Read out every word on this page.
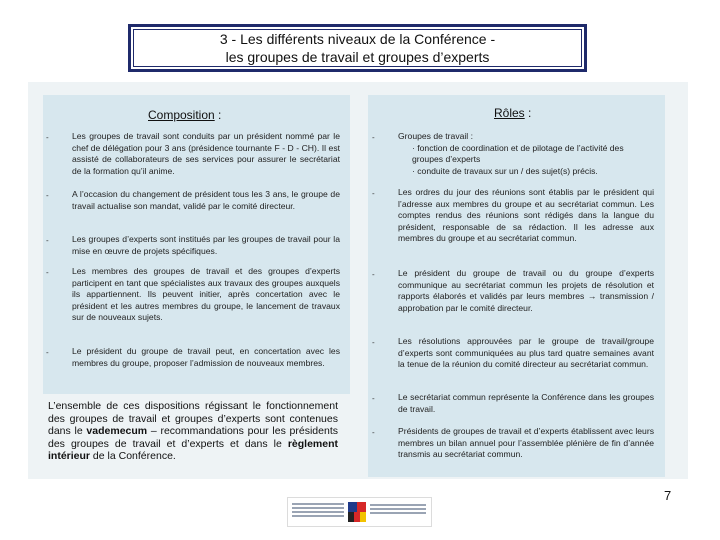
3 - Les différents niveaux de la Conférence -
les groupes de travail et groupes d’experts
Composition :
-	Les groupes de travail sont conduits par un président nommé par le chef de délégation pour 3 ans (présidence tournante F - D - CH). Il est assisté de collaborateurs de ses services pour assurer le secrétariat de la formation qu’il anime.
-	A l’occasion du changement de président tous les 3 ans, le groupe de travail actualise son mandat, validé par le comité directeur.
-	Les groupes d’experts sont institués par les groupes de travail pour la mise en œuvre de projets spécifiques.
-	Les membres des groupes de travail et des groupes d’experts participent en tant que spécialistes aux travaux des groupes auxquels ils appartiennent. Ils peuvent initier, après concertation avec le président et les autres membres du groupe, le lancement de travaux sur de nouveaux sujets.
-	Le président du groupe de travail peut, en concertation avec les membres du groupe, proposer l’admission de nouveaux membres.
L’ensemble de ces dispositions régissant le fonctionnement des groupes de travail et groupes d’experts sont contenues dans le vademecum – recommandations pour les présidents des groupes de travail et d’experts et dans le règlement intérieur de la Conférence.
Rôles :
-	Groupes de travail :
· fonction de coordination et de pilotage de l’activité des groupes d’experts
· conduite de travaux sur un / des sujet(s) précis.
-	Les ordres du jour des réunions sont établis par le président qui l’adresse aux membres du groupe et au secrétariat commun. Les comptes rendus des réunions sont rédigés dans la langue du président, responsable de sa rédaction. Il les adresse aux membres du groupe et au secrétariat commun.
-	Le président du groupe de travail ou du groupe d’experts communique au secrétariat commun les projets de résolution et rapports élaborés et validés par leurs membres → transmission / approbation par le comité directeur.
-	Les résolutions approuvées par le groupe de travail/groupe d’experts sont communiquées au plus tard quatre semaines avant la tenue de la réunion du comité directeur au secrétariat commun.
-	Le secrétariat commun représente la Conférence dans les groupes de travail.
-	Présidents de groupes de travail et d’experts établissent avec leurs membres un bilan annuel pour l’assemblée plénière de fin d’année transmis au secrétariat commun.
7
